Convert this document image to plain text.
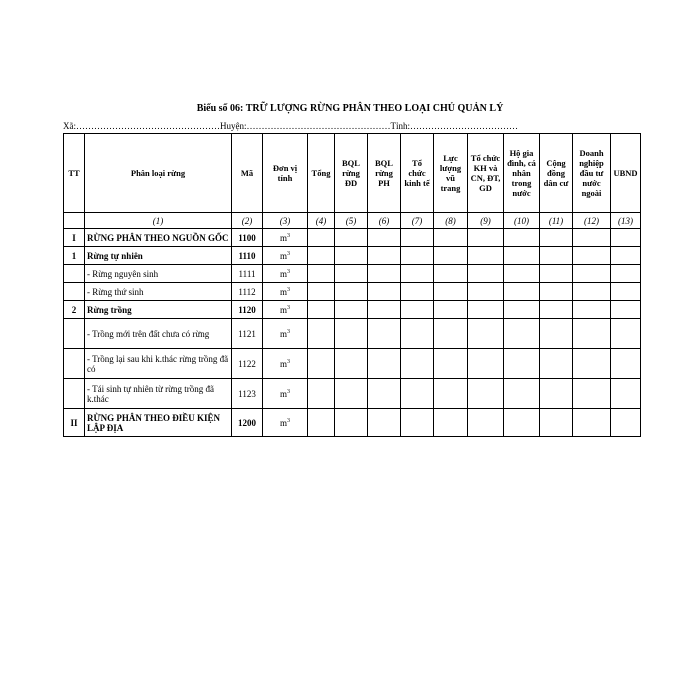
Biểu số 06: TRỮ LƯỢNG RỪNG PHÂN THEO LOẠI CHỦ QUẢN LÝ
Xã:…………………………………………Huyện:…………………………………………Tỉnh:………………………………
TT	Phân loại rừng	Mã	Đơn vị tính	Tổng	BQL rừng ĐD	BQL rừng PH	Tổ chức kinh tế	Lực lượng vũ trang	Tổ chức KH và CN, ĐT, GD	Hộ gia đình, cá nhân trong nước	Cộng đồng dân cư	Doanh nghiệp đầu tư nước ngoài	UBND
	(1)	(2)	(3)	(4)	(5)	(6)	(7)	(8)	(9)	(10)	(11)	(12)	(13)
I	RỪNG PHÂN THEO NGUỒN GỐC	1100	$m^3$										
1	Rừng tự nhiên	1110	$m^3$										
	- Rừng nguyên sinh	1111	$m^3$										
	- Rừng thứ sinh	1112	$m^3$										
2	Rừng trồng	1120	$m^3$										
	- Trồng mới trên đất chưa có rừng	1121	$m^3$										
	- Trồng lại sau khi k.thác rừng trồng đã có	1122	$m^3$										
	- Tái sinh tự nhiên từ rừng trồng đã k.thác	1123	$m^3$										
II	RỪNG PHÂN THEO ĐIỀU KIỆN LẬP ĐỊA	1200	$m^3$										
